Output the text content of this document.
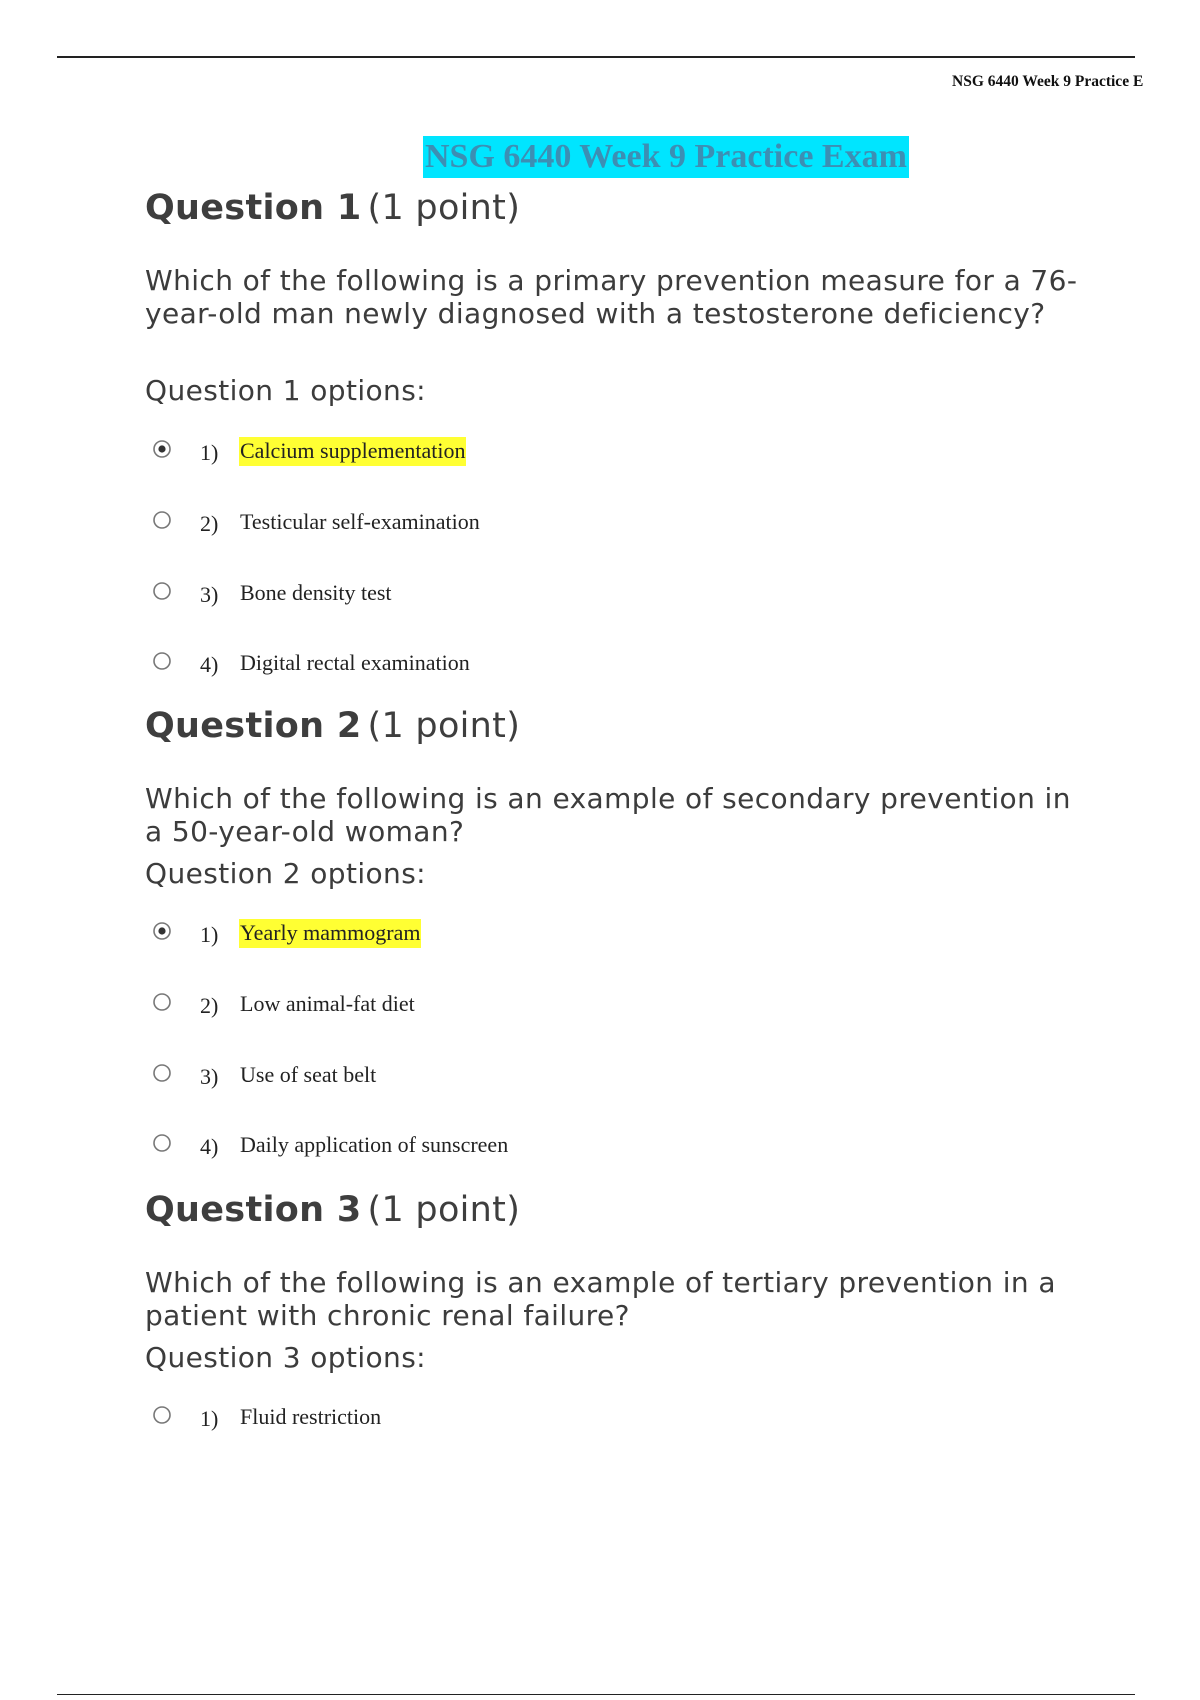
NSG 6440 Week 9 Practice E
NSG 6440 Week 9 Practice Exam
Question 1 (1 point)

Which of the following is a primary prevention measure for a 76-year-old man newly diagnosed with a testosterone deficiency?

Question 1 options:

1) Calcium supplementation
2) Testicular self-examination
3) Bone density test
4) Digital rectal examination
Question 2 (1 point)

Which of the following is an example of secondary prevention in a 50-year-old woman?

Question 2 options:

1) Yearly mammogram
2) Low animal-fat diet
3) Use of seat belt
4) Daily application of sunscreen
Question 3 (1 point)

Which of the following is an example of tertiary prevention in a patient with chronic renal failure?

Question 3 options:

1) Fluid restriction
